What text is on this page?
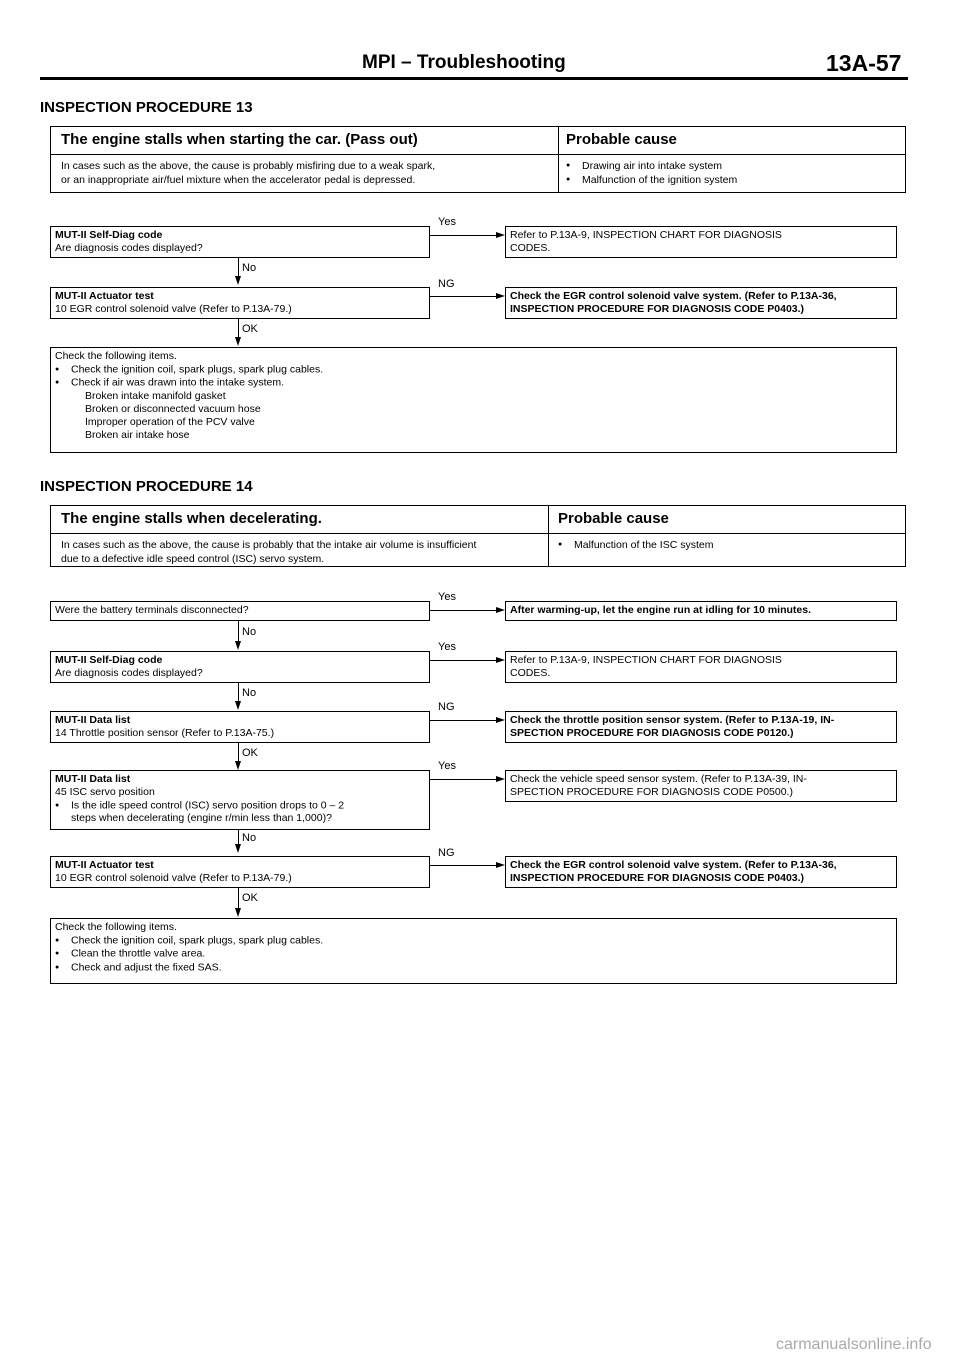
MPI – Troubleshooting	13A-57
INSPECTION PROCEDURE 13
The engine stalls when starting the car. (Pass out)	Probable cause
In cases such as the above, the cause is probably misfiring due to a weak spark,
or an inappropriate air/fuel mixture when the accelerator pedal is depressed.
● Drawing air into intake system
● Malfunction of the ignition system
MUT-II Self-Diag code
Are diagnosis codes displayed?
Yes
Refer to P.13A-9, INSPECTION CHART FOR DIAGNOSIS
CODES.
No
MUT-II Actuator test
10 EGR control solenoid valve (Refer to P.13A-79.)
NG
Check the EGR control solenoid valve system. (Refer to P.13A-36,
INSPECTION PROCEDURE FOR DIAGNOSIS CODE P0403.)
OK
Check the following items.
● Check the ignition coil, spark plugs, spark plug cables.
● Check if air was drawn into the intake system.
Broken intake manifold gasket
Broken or disconnected vacuum hose
Improper operation of the PCV valve
Broken air intake hose
INSPECTION PROCEDURE 14
The engine stalls when decelerating.	Probable cause
In cases such as the above, the cause is probably that the intake air volume is insufficient
due to a defective idle speed control (ISC) servo system.
● Malfunction of the ISC system
Were the battery terminals disconnected?
Yes
After warming-up, let the engine run at idling for 10 minutes.
No
MUT-II Self-Diag code
Are diagnosis codes displayed?
Yes
Refer to P.13A-9, INSPECTION CHART FOR DIAGNOSIS
CODES.
No
MUT-II Data list
14 Throttle position sensor (Refer to P.13A-75.)
NG
Check the throttle position sensor system. (Refer to P.13A-19, IN-
SPECTION PROCEDURE FOR DIAGNOSIS CODE P0120.)
OK
MUT-II Data list
45 ISC servo position
● Is the idle speed control (ISC) servo position drops to 0 – 2
steps when decelerating (engine r/min less than 1,000)?
Yes
Check the vehicle speed sensor system. (Refer to P.13A-39, IN-
SPECTION PROCEDURE FOR DIAGNOSIS CODE P0500.)
No
MUT-II Actuator test
10 EGR control solenoid valve (Refer to P.13A-79.)
NG
Check the EGR control solenoid valve system. (Refer to P.13A-36,
INSPECTION PROCEDURE FOR DIAGNOSIS CODE P0403.)
OK
Check the following items.
● Check the ignition coil, spark plugs, spark plug cables.
● Clean the throttle valve area.
● Check and adjust the fixed SAS.
carmanualsonline.info
